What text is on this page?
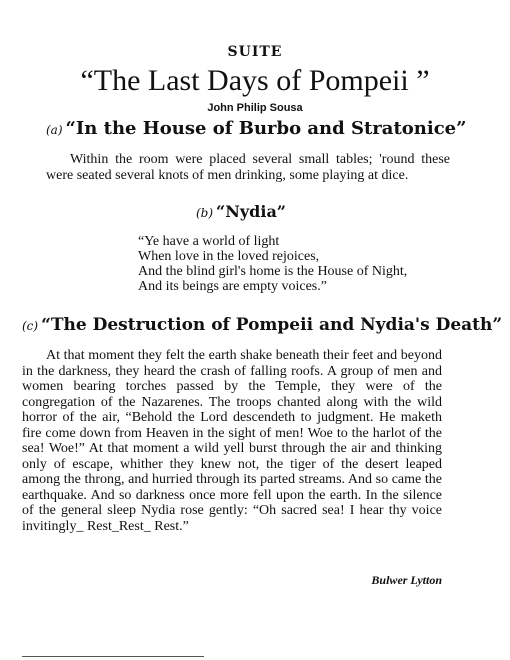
SUITE
“The Last Days of Pompeii ”
John Philip Sousa
(a) “In the House of Burbo and Stratonice”
Within the room were placed several small tables; 'round these were seated several knots of men drinking, some playing at dice.
(b) “Nydia”
“Ye have a world of light
When love in the loved rejoices,
And the blind girl's home is the House of Night,
And its beings are empty voices.”
(c) “The Destruction of Pompeii and Nydia's Death”
At that moment they felt the earth shake beneath their feet and beyond in the darkness, they heard the crash of falling roofs. A group of men and women bearing torches passed by the Temple, they were of the congregation of the Nazarenes. The troops chanted along with the wild horror of the air, “Behold the Lord descendeth to judgment. He maketh fire come down from Heaven in the sight of men! Woe to the harlot of the sea! Woe!” At that moment a wild yell burst through the air and thinking only of escape, whither they knew not, the tiger of the desert leaped among the throng, and hurried through its parted streams. And so came the earthquake. And so darkness once more fell upon the earth. In the silence of the general sleep Nydia rose gently: “Oh sacred sea! I hear thy voice invitingly_ Rest_Rest_ Rest.”
Bulwer Lytton
